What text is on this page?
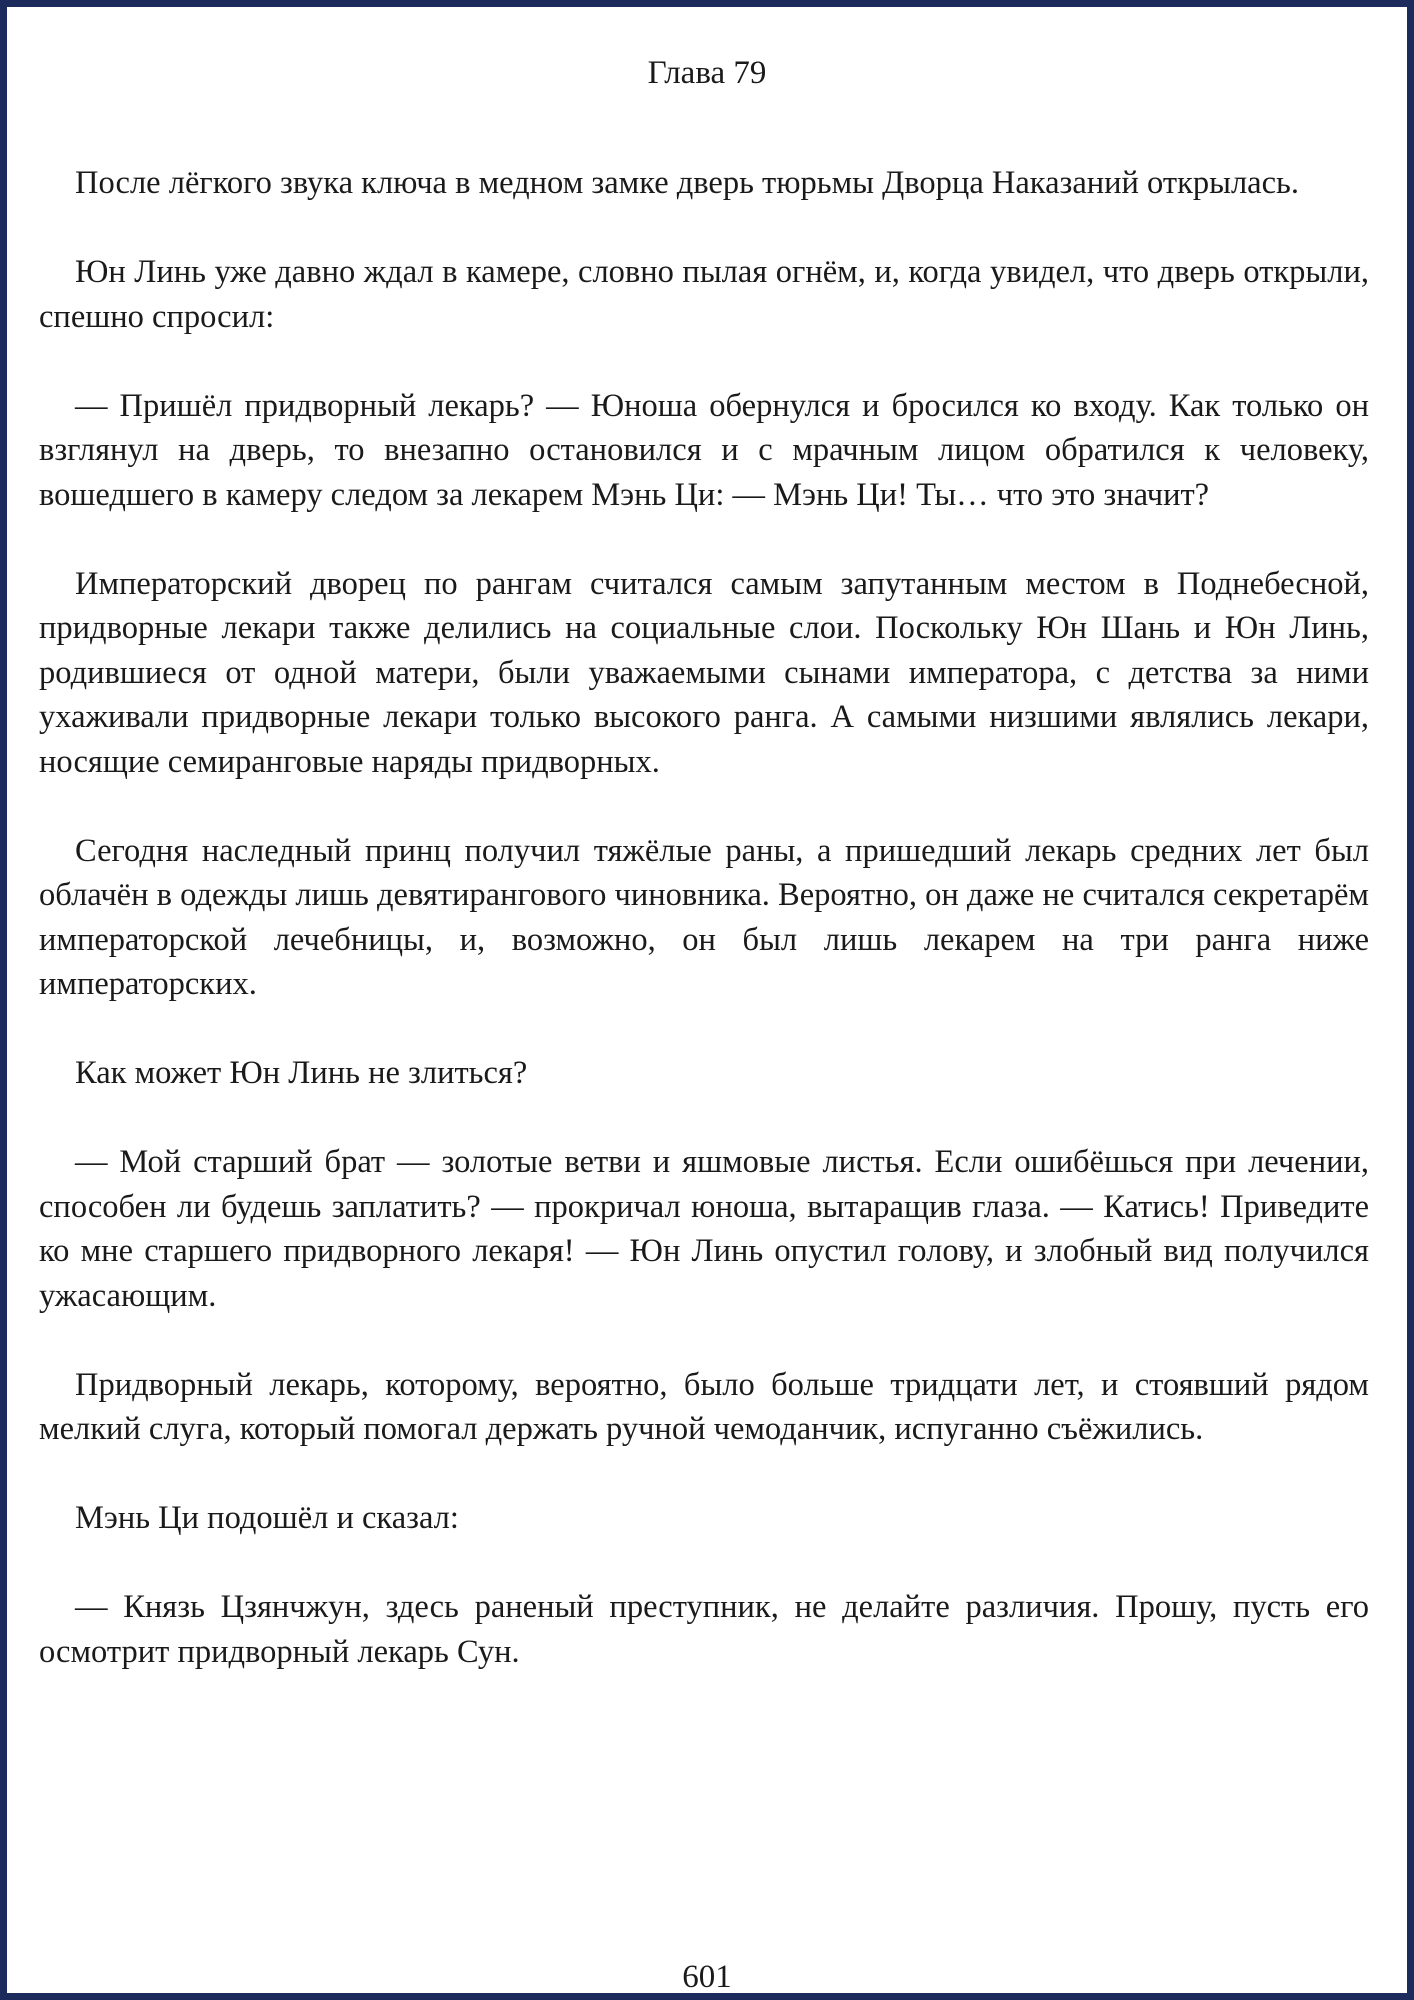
Глава 79

После лёгкого звука ключа в медном замке дверь тюрьмы Дворца Наказаний открылась.

Юн Линь уже давно ждал в камере, словно пылая огнём, и, когда увидел, что дверь открыли, спешно спросил:

— Пришёл придворный лекарь? — Юноша обернулся и бросился ко входу. Как только он взглянул на дверь, то внезапно остановился и с мрачным лицом обратился к человеку, вошедшего в камеру следом за лекарем Мэнь Ци: — Мэнь Ци! Ты… что это значит?

Императорский дворец по рангам считался самым запутанным местом в Поднебесной, придворные лекари также делились на социальные слои. Поскольку Юн Шань и Юн Линь, родившиеся от одной матери, были уважаемыми сынами императора, с детства за ними ухаживали придворные лекари только высокого ранга. А самыми низшими являлись лекари, носящие семиранговые наряды придворных.

Сегодня наследный принц получил тяжёлые раны, а пришедший лекарь средних лет был облачён в одежды лишь девятирангового чиновника. Вероятно, он даже не считался секретарём императорской лечебницы, и, возможно, он был лишь лекарем на три ранга ниже императорских.

Как может Юн Линь не злиться?

— Мой старший брат — золотые ветви и яшмовые листья. Если ошибёшься при лечении, способен ли будешь заплатить? — прокричал юноша, вытаращив глаза. — Катись! Приведите ко мне старшего придворного лекаря! — Юн Линь опустил голову, и злобный вид получился ужасающим.

Придворный лекарь, которому, вероятно, было больше тридцати лет, и стоявший рядом мелкий слуга, который помогал держать ручной чемоданчик, испуганно съёжились.

Мэнь Ци подошёл и сказал:

— Князь Цзянчжун, здесь раненый преступник, не делайте различия. Прошу, пусть его осмотрит придворный лекарь Сун.

601
